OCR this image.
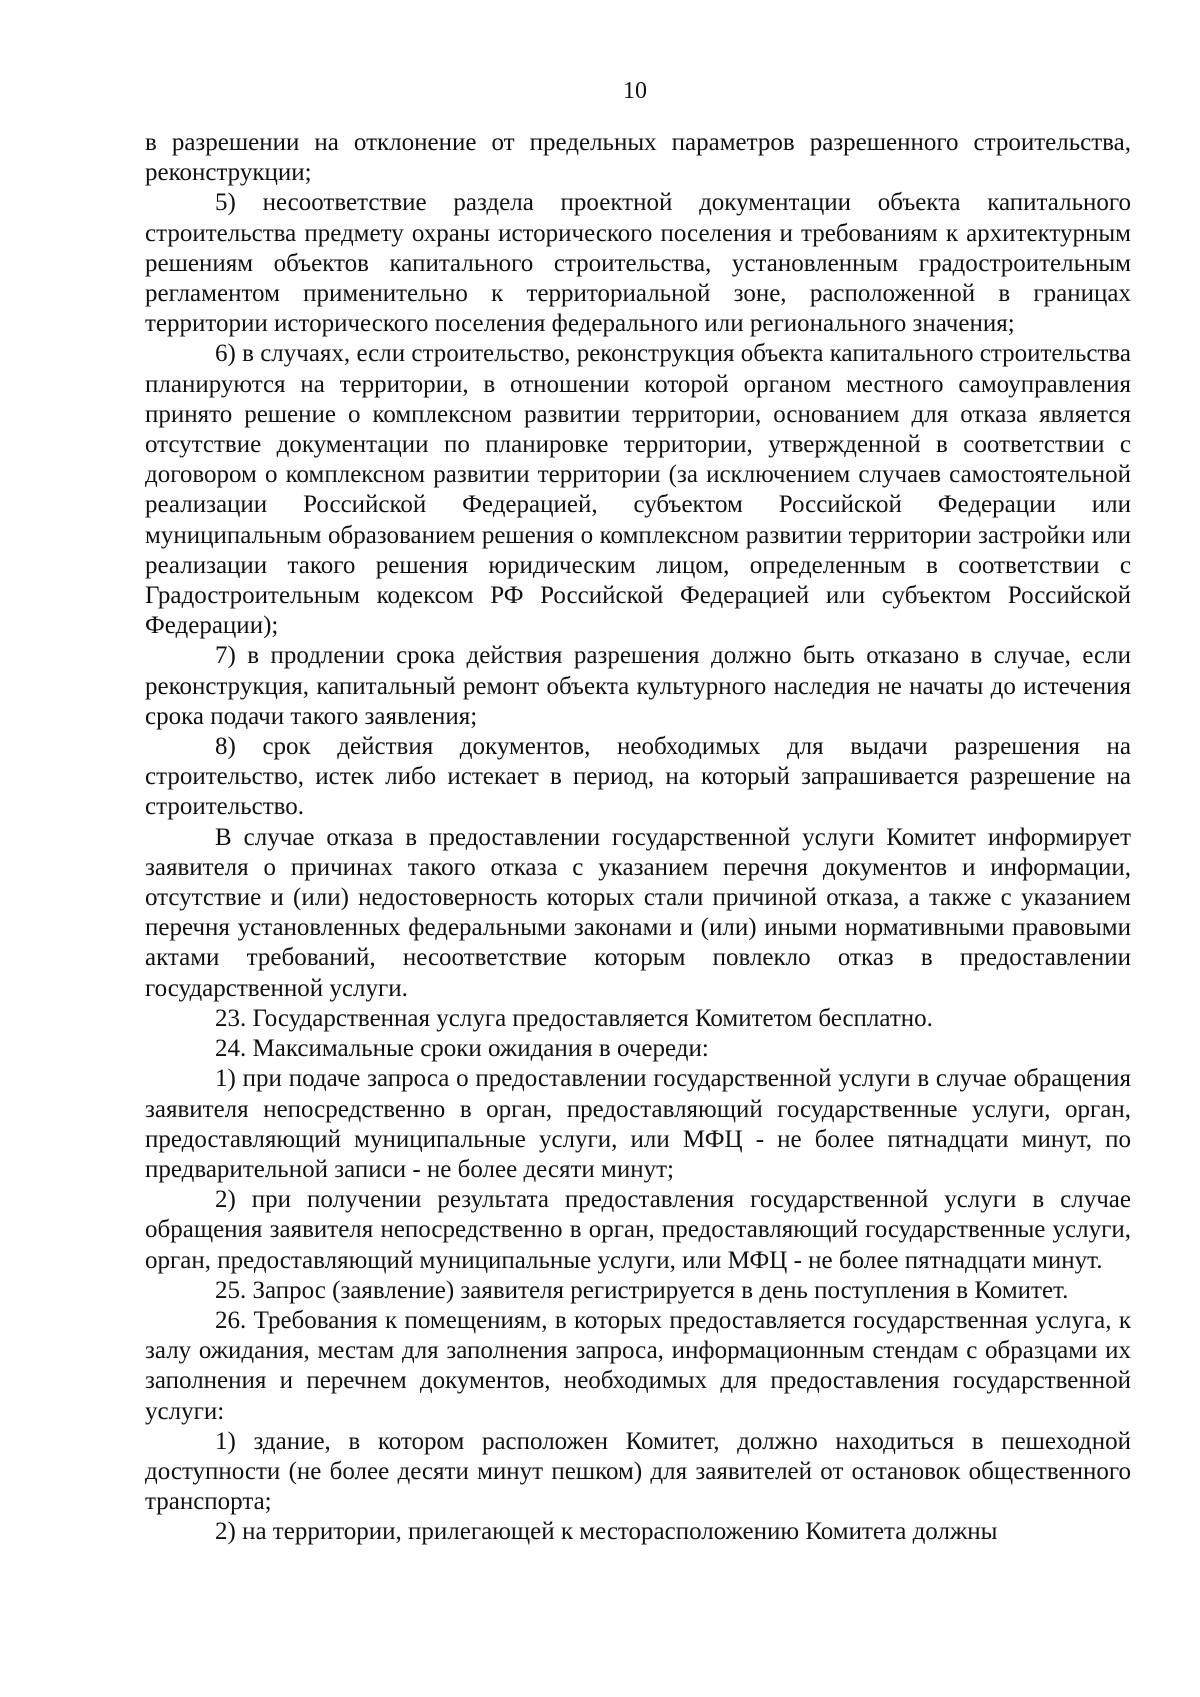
10

в разрешении на отклонение от предельных параметров разрешенного строительства, реконструкции;

5) несоответствие раздела проектной документации объекта капитального строительства предмету охраны исторического поселения и требованиям к архитектурным решениям объектов капитального строительства, установленным градостроительным регламентом применительно к территориальной зоне, расположенной в границах территории исторического поселения федерального или регионального значения;

6) в случаях, если строительство, реконструкция объекта капитального строительства планируются на территории, в отношении которой органом местного самоуправления принято решение о комплексном развитии территории, основанием для отказа является отсутствие документации по планировке территории, утвержденной в соответствии с договором о комплексном развитии территории (за исключением случаев самостоятельной реализации Российской Федерацией, субъектом Российской Федерации или муниципальным образованием решения о комплексном развитии территории застройки или реализации такого решения юридическим лицом, определенным в соответствии с Градостроительным кодексом РФ Российской Федерацией или субъектом Российской Федерации);

7) в продлении срока действия разрешения должно быть отказано в случае, если реконструкция, капитальный ремонт объекта культурного наследия не начаты до истечения срока подачи такого заявления;

8) срок действия документов, необходимых для выдачи разрешения на строительство, истек либо истекает в период, на который запрашивается разрешение на строительство.

В случае отказа в предоставлении государственной услуги Комитет информирует заявителя о причинах такого отказа с указанием перечня документов и информации, отсутствие и (или) недостоверность которых стали причиной отказа, а также с указанием перечня установленных федеральными законами и (или) иными нормативными правовыми актами требований, несоответствие которым повлекло отказ в предоставлении государственной услуги.

23. Государственная услуга предоставляется Комитетом бесплатно.

24. Максимальные сроки ожидания в очереди:

1) при подаче запроса о предоставлении государственной услуги в случае обращения заявителя непосредственно в орган, предоставляющий государственные услуги, орган, предоставляющий муниципальные услуги, или МФЦ - не более пятнадцати минут, по предварительной записи - не более десяти минут;

2) при получении результата предоставления государственной услуги в случае обращения заявителя непосредственно в орган, предоставляющий государственные услуги, орган, предоставляющий муниципальные услуги, или МФЦ - не более пятнадцати минут.

25. Запрос (заявление) заявителя регистрируется в день поступления в Комитет.

26. Требования к помещениям, в которых предоставляется государственная услуга, к залу ожидания, местам для заполнения запроса, информационным стендам с образцами их заполнения и перечнем документов, необходимых для предоставления государственной услуги:

1) здание, в котором расположен Комитет, должно находиться в пешеходной доступности (не более десяти минут пешком) для заявителей от остановок общественного транспорта;

2) на территории, прилегающей к месторасположению Комитета должны
